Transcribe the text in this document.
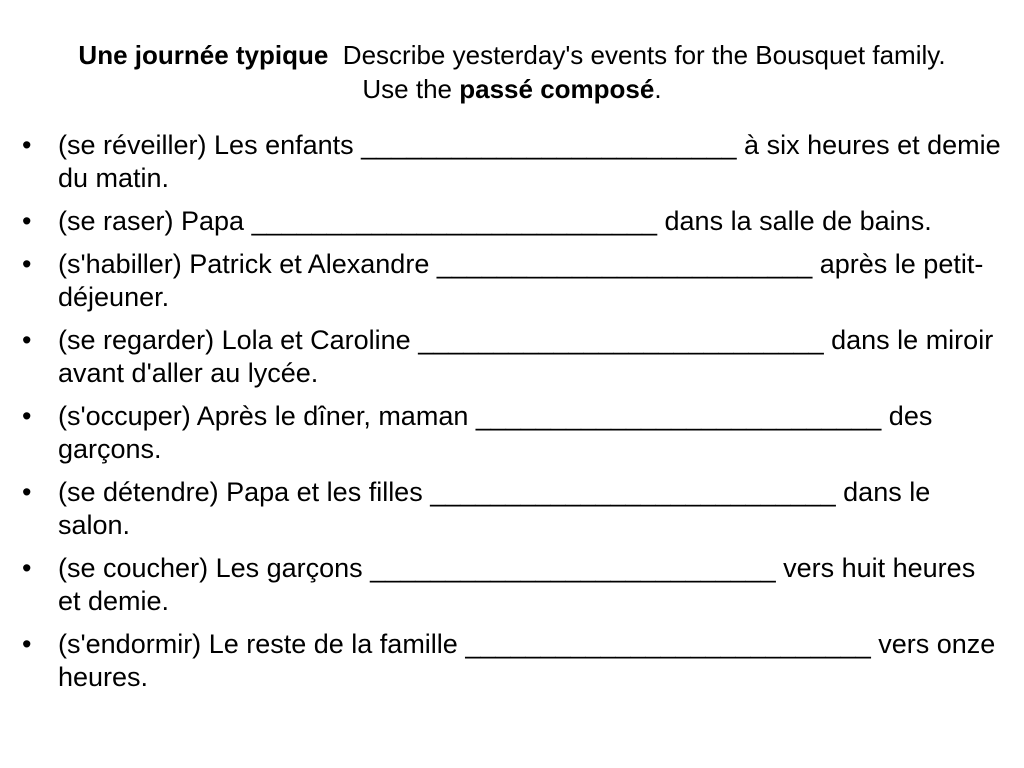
Une journée typique Describe yesterday's events for the Bousquet family. Use the passé composé.
• (se réveiller) Les enfants _________________________ à six heures et demie du matin.
• (se raser) Papa ___________________________ dans la salle de bains.
• (s'habiller) Patrick et Alexandre _________________________ après le petit-déjeuner.
• (se regarder) Lola et Caroline ___________________________ dans le miroir avant d'aller au lycée.
• (s'occuper) Après le dîner, maman ___________________________ des garçons.
• (se détendre) Papa et les filles ___________________________ dans le salon.
• (se coucher) Les garçons ___________________________ vers huit heures et demie.
• (s'endormir) Le reste de la famille ___________________________ vers onze heures.
